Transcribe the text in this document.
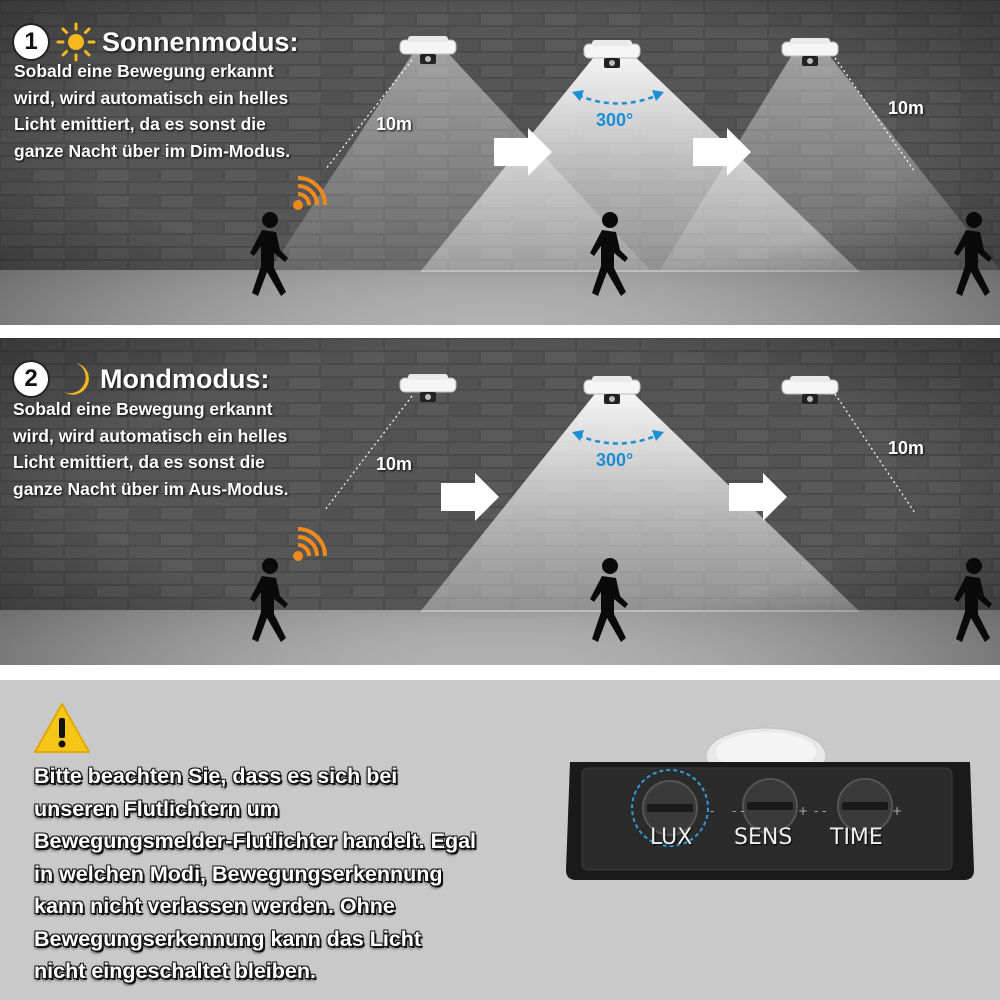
1	Sonnenmodus:
Sobald eine Bewegung erkannt
wird, wird automatisch ein helles
Licht emittiert, da es sonst die
ganze Nacht über im Dim-Modus.
10m
10m
300°
2	Mondmodus:
Sobald eine Bewegung erkannt
wird, wird automatisch ein helles
Licht emittiert, da es sonst die
ganze Nacht über im Aus-Modus.
10m
10m
300°
Bitte beachten Sie, dass es sich bei
unseren Flutlichtern um
Bewegungsmelder-Flutlichter handelt. Egal
in welchen Modi, Bewegungserkennung
kann nicht verlassen werden. Ohne
Bewegungserkennung kann das Licht
nicht eingeschaltet bleiben.
- - -	+ - -	+
LUX SENS TIME
